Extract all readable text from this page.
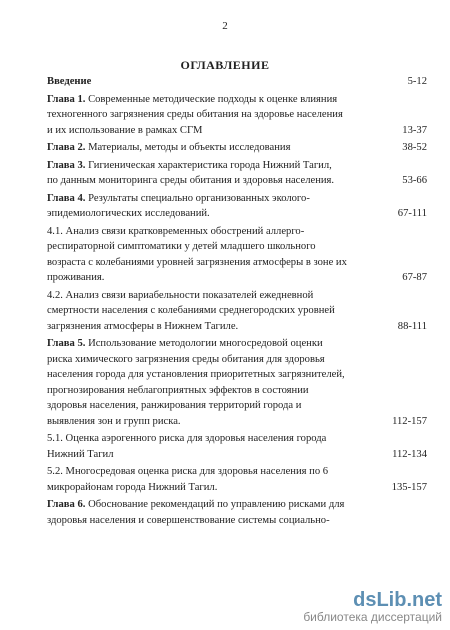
2
ОГЛАВЛЕНИЕ
Введение	5-12
Глава 1. Современные методические подходы к оценке влияния
техногенного загрязнения среды обитания на здоровье населения
и их использование в рамках СГМ	13-37
Глава 2. Материалы, методы и объекты исследования	38-52
Глава 3. Гигиеническая характеристика города Нижний Тагил,
по данным мониторинга среды обитания и здоровья населения.	53-66
Глава 4. Результаты специально организованных эколого-
эпидемиологических исследований.	67-111
4.1. Анализ связи кратковременных обострений аллерго-
респираторной симптоматики у детей младшего школьного
возраста с колебаниями уровней загрязнения атмосферы в зоне их
проживания.	67-87
4.2. Анализ связи вариабельности показателей ежедневной
смертности населения с колебаниями среднегородских уровней
загрязнения атмосферы в Нижнем Тагиле.	88-111
Глава 5. Использование методологии многосредовой оценки
риска химического загрязнения среды обитания для здоровья
населения города для установления приоритетных загрязнителей,
прогнозирования неблагоприятных эффектов в состоянии
здоровья населения, ранжирования территорий города и
выявления зон и групп риска.	112-157
5.1. Оценка аэрогенного риска для здоровья населения города
Нижний Тагил	112-134
5.2. Многосредовая оценка риска для здоровья населения по 6
микрорайонам города Нижний Тагил.	135-157
Глава 6. Обоснование рекомендаций по управлению рисками для
здоровья населения и совершенствование системы социально-
dsLib.net
библиотека диссертаций
